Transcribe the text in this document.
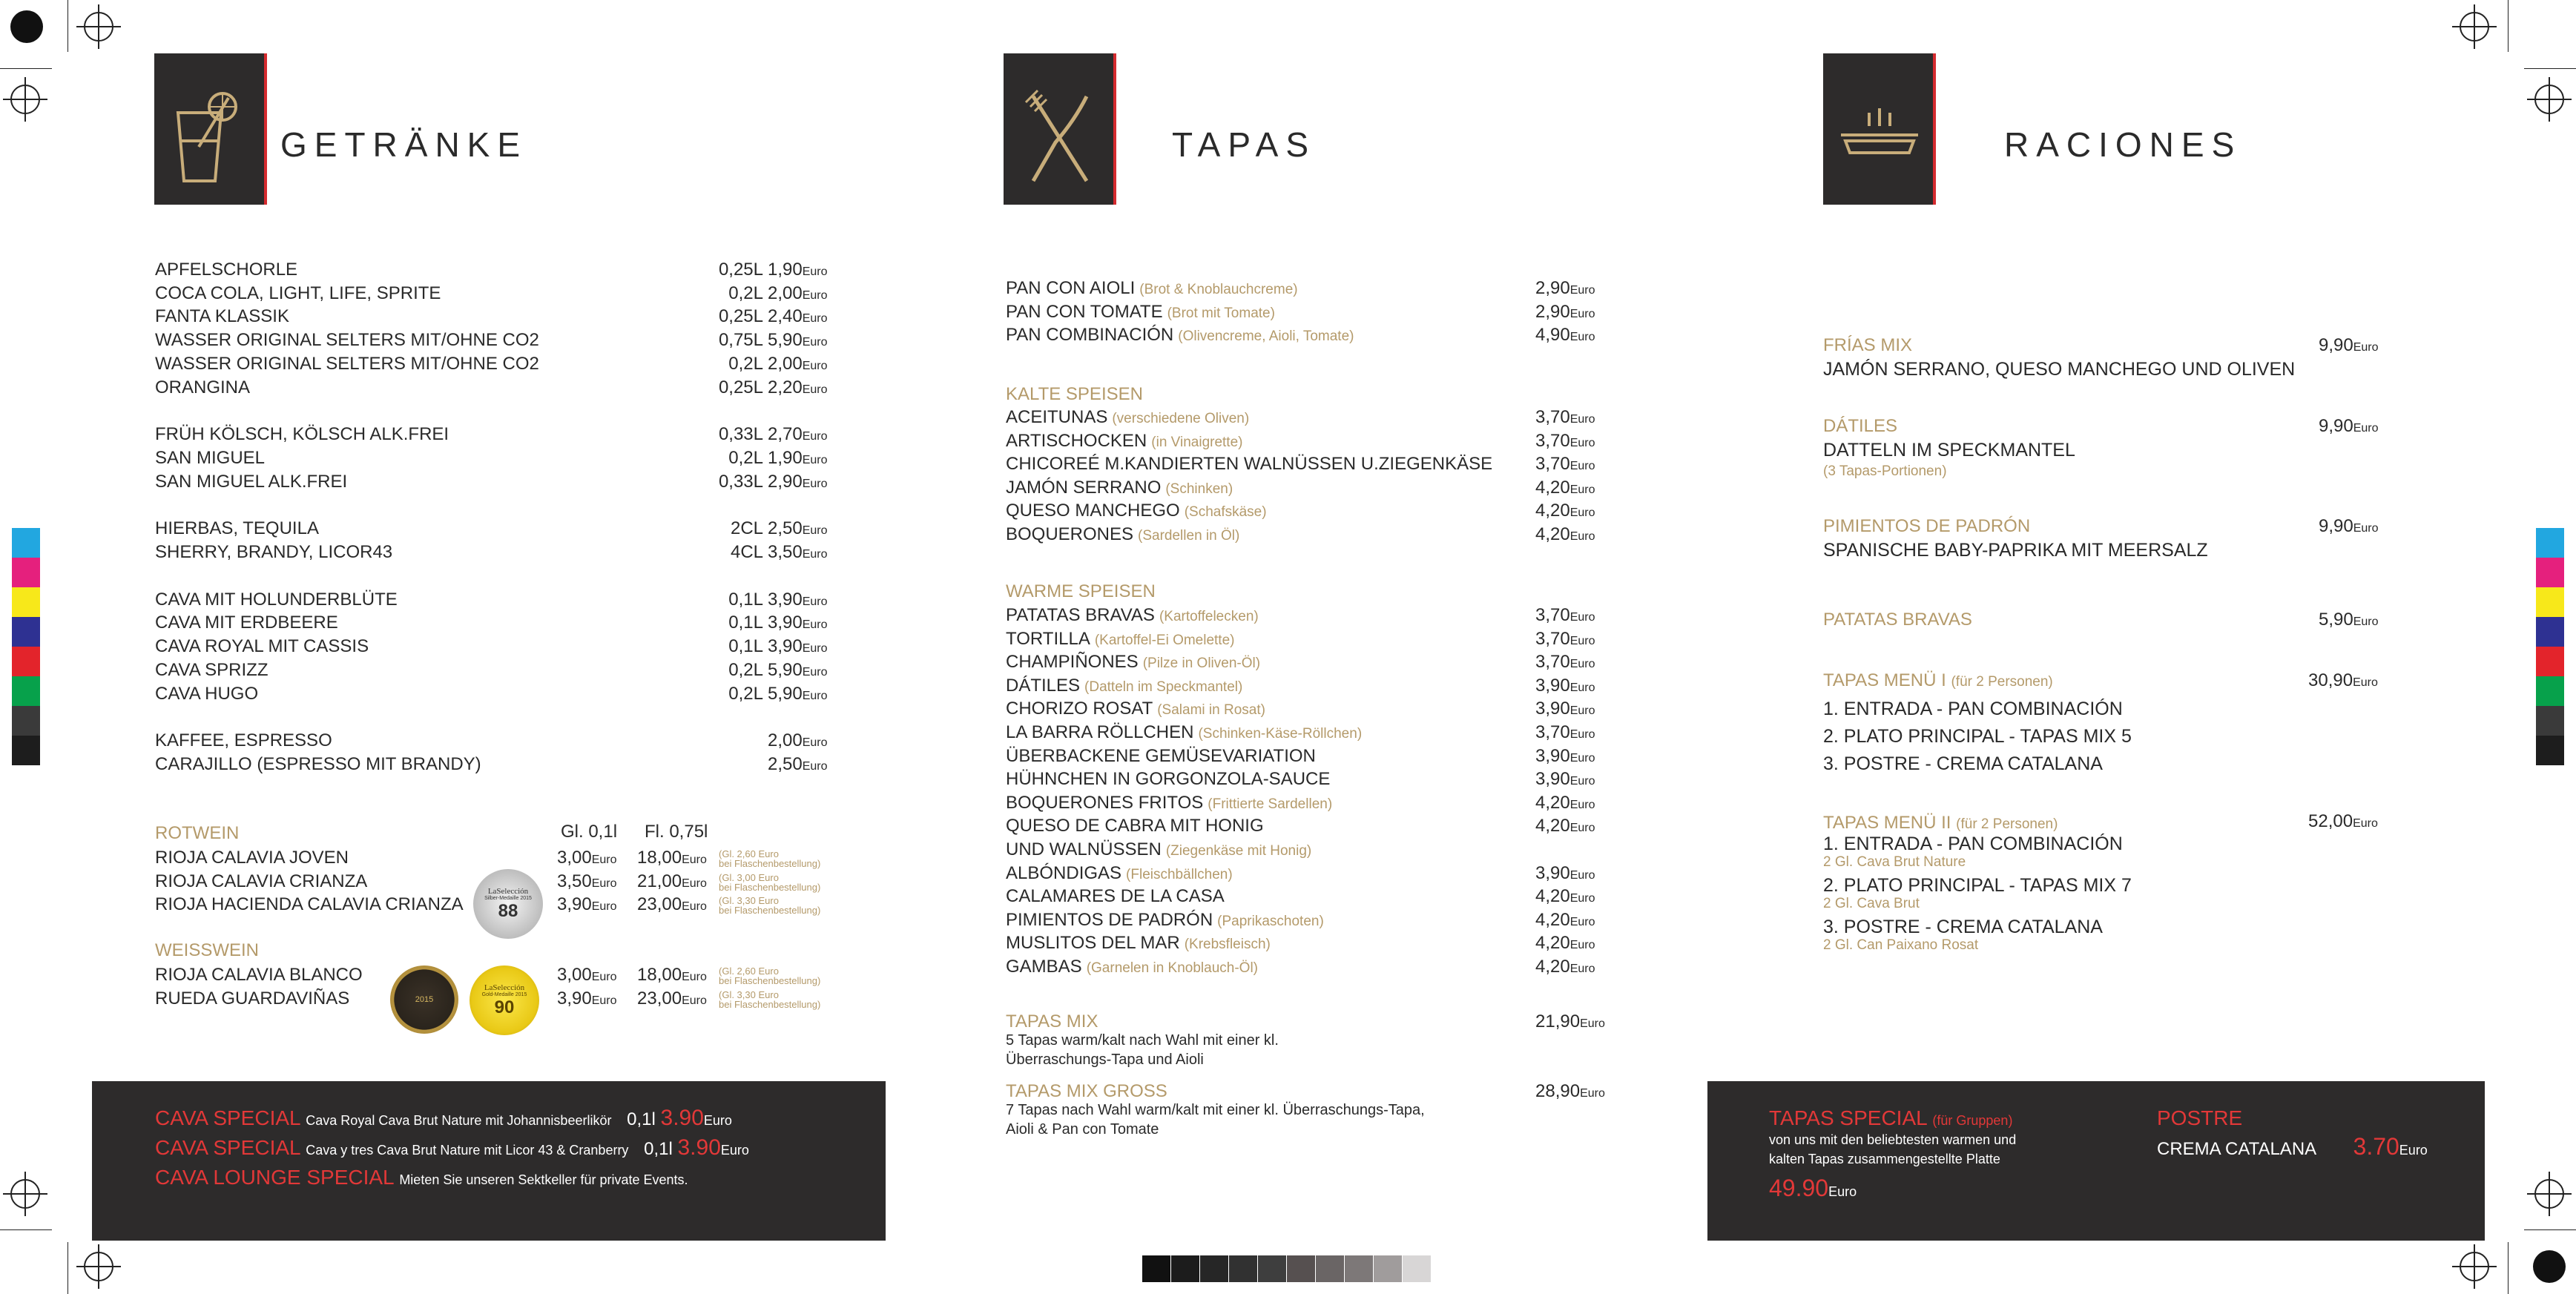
GETRÄNKE
APFELSCHORLE	0,25L 1,90Euro
COCA COLA, LIGHT, LIFE, SPRITE	0,2L 2,00Euro
FANTA KLASSIK	0,25L 2,40Euro
WASSER ORIGINAL SELTERS MIT/OHNE CO2	0,75L 5,90Euro
WASSER ORIGINAL SELTERS MIT/OHNE CO2	0,2L 2,00Euro
ORANGINA	0,25L 2,20Euro
FRÜH KÖLSCH, KÖLSCH ALK.FREI	0,33L 2,70Euro
SAN MIGUEL	0,2L 1,90Euro
SAN MIGUEL ALK.FREI	0,33L 2,90Euro
HIERBAS, TEQUILA	2CL 2,50Euro
SHERRY, BRANDY, LICOR43	4CL 3,50Euro
CAVA MIT HOLUNDERBLÜTE	0,1L 3,90Euro
CAVA MIT ERDBEERE	0,1L 3,90Euro
CAVA ROYAL MIT CASSIS	0,1L 3,90Euro
CAVA SPRIZZ	0,2L 5,90Euro
CAVA HUGO	0,2L 5,90Euro
KAFFEE, ESPRESSO	2,00Euro
CARAJILLO (ESPRESSO MIT BRANDY)	2,50Euro
ROTWEIN	Gl. 0,1l Fl. 0,75l
RIOJA CALAVIA JOVEN	3,00Euro 18,00Euro (Gl. 2,60 Euro
bei Flaschenbestellung)
RIOJA CALAVIA CRIANZA	3,50Euro 21,00Euro (Gl. 3,00 Euro
bei Flaschenbestellung)
RIOJA HACIENDA CALAVIA CRIANZA	3,90Euro 23,00Euro (Gl. 3,30 Euro
bei Flaschenbestellung)
WEISSWEIN
RIOJA CALAVIA BLANCO	3,00Euro 18,00Euro (Gl. 2,60 Euro
bei Flaschenbestellung)
RUEDA GUARDAVIÑAS	3,90Euro 23,00Euro (Gl. 3,30 Euro
bei Flaschenbestellung)
LaSelección
Silber-Medaille 2015
88
2015
LaSelección
Gold-Medaille 2015
90
CAVA SPECIAL Cava Royal Cava Brut Nature mit Johannisbeerlikör 0,1l 3.90Euro
CAVA SPECIAL Cava y tres Cava Brut Nature mit Licor 43 & Cranberry 0,1l 3.90Euro
CAVA LOUNGE SPECIAL Mieten Sie unseren Sektkeller für private Events.
TAPAS
PAN CON AIOLI (Brot & Knoblauchcreme)	2,90Euro
PAN CON TOMATE (Brot mit Tomate)	2,90Euro
PAN COMBINACIÓN (Olivencreme, Aioli, Tomate)	4,90Euro
KALTE SPEISEN
ACEITUNAS (verschiedene Oliven)	3,70Euro
ARTISCHOCKEN (in Vinaigrette)	3,70Euro
CHICOREÉ M.KANDIERTEN WALNÜSSEN U.ZIEGENKÄSE 3,70Euro
JAMÓN SERRANO (Schinken)	4,20Euro
QUESO MANCHEGO (Schafskäse)	4,20Euro
BOQUERONES (Sardellen in Öl)	4,20Euro
WARME SPEISEN
PATATAS BRAVAS (Kartoffelecken)	3,70Euro
TORTILLA (Kartoffel-Ei Omelette)	3,70Euro
CHAMPIÑONES (Pilze in Oliven-Öl)	3,70Euro
DÁTILES (Datteln im Speckmantel)	3,90Euro
CHORIZO ROSAT (Salami in Rosat)	3,90Euro
LA BARRA RÖLLCHEN (Schinken-Käse-Röllchen)	3,70Euro
ÜBERBACKENE GEMÜSEVARIATION	3,90Euro
HÜHNCHEN IN GORGONZOLA-SAUCE	3,90Euro
BOQUERONES FRITOS (Frittierte Sardellen)	4,20Euro
QUESO DE CABRA MIT HONIG	4,20Euro
UND WALNÜSSEN (Ziegenkäse mit Honig)
ALBÓNDIGAS (Fleischbällchen)	3,90Euro
CALAMARES DE LA CASA	4,20Euro
PIMIENTOS DE PADRÓN (Paprikaschoten)	4,20Euro
MUSLITOS DEL MAR (Krebsfleisch)	4,20Euro
GAMBAS (Garnelen in Knoblauch-Öl)	4,20Euro
TAPAS MIX	21,90Euro
5 Tapas warm/kalt nach Wahl mit einer kl.
Überraschungs-Tapa und Aioli
TAPAS MIX GROSS	28,90Euro
7 Tapas nach Wahl warm/kalt mit einer kl. Überraschungs-Tapa,
Aioli & Pan con Tomate
RACIONES
FRÍAS MIX	9,90Euro
JAMÓN SERRANO, QUESO MANCHEGO UND OLIVEN
DÁTILES	9,90Euro
DATTELN IM SPECKMANTEL
(3 Tapas-Portionen)
PIMIENTOS DE PADRÓN	9,90Euro
SPANISCHE BABY-PAPRIKA MIT MEERSALZ
PATATAS BRAVAS	5,90Euro
TAPAS MENÜ I (für 2 Personen)	30,90Euro
1. ENTRADA - PAN COMBINACIÓN
2. PLATO PRINCIPAL - TAPAS MIX 5
3. POSTRE - CREMA CATALANA
TAPAS MENÜ II (für 2 Personen)	52,00Euro
1. ENTRADA - PAN COMBINACIÓN
2 Gl. Cava Brut Nature
2. PLATO PRINCIPAL - TAPAS MIX 7
2 Gl. Cava Brut
3. POSTRE - CREMA CATALANA
2 Gl. Can Paixano Rosat
TAPAS SPECIAL (für Gruppen)
von uns mit den beliebtesten warmen und
kalten Tapas zusammengestellte Platte
49.90Euro
POSTRE
CREMA CATALANA 3.70Euro
